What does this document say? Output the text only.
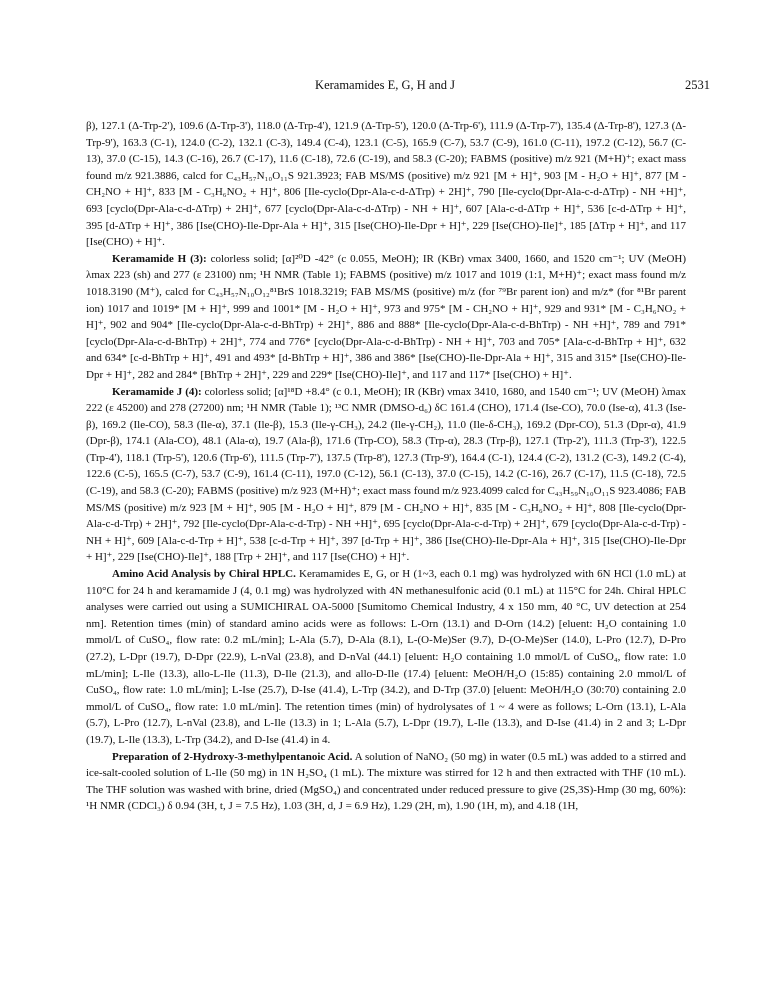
Keramamides E, G, H and J	2531

β), 127.1 (Δ-Trp-2'), 109.6 (Δ-Trp-3'), 118.0 (Δ-Trp-4'), 121.9 (Δ-Trp-5'), 120.0 (Δ-Trp-6'), 111.9 (Δ-Trp-7'), 135.4 (Δ-Trp-8'), 127.3 (Δ-Trp-9'), 163.3 (C-1), 124.0 (C-2), 132.1 (C-3), 149.4 (C-4), 123.1 (C-5), 165.9 (C-7), 53.7 (C-9), 161.0 (C-11), 197.2 (C-12), 56.7 (C-13), 37.0 (C-15), 14.3 (C-16), 26.7 (C-17), 11.6 (C-18), 72.6 (C-19), and 58.3 (C-20); FABMS (positive) m/z 921 (M+H)⁺; exact mass found m/z 921.3886, calcd for C₄₃H₅₇N₁₀O₁₁S 921.3923; FAB MS/MS (positive) m/z 921 [M + H]⁺, 903 [M - H₂O + H]⁺, 877 [M - CH₂NO + H]⁺, 833 [M - C₃H₆NO₂ + H]⁺, 806 [Ile-cyclo(Dpr-Ala-c-d-ΔTrp) + 2H]⁺, 790 [Ile-cyclo(Dpr-Ala-c-d-ΔTrp) - NH +H]⁺, 693 [cyclo(Dpr-Ala-c-d-ΔTrp) + 2H]⁺, 677 [cyclo(Dpr-Ala-c-d-ΔTrp) - NH + H]⁺, 607 [Ala-c-d-ΔTrp + H]⁺, 536 [c-d-ΔTrp + H]⁺, 395 [d-ΔTrp + H]⁺, 386 [Ise(CHO)-Ile-Dpr-Ala + H]⁺, 315 [Ise(CHO)-Ile-Dpr + H]⁺, 229 [Ise(CHO)-Ile]⁺, 185 [ΔTrp + H]⁺, and 117 [Ise(CHO) + H]⁺.

Keramamide H (3): colorless solid; [α]²⁰D -42° (c 0.055, MeOH); IR (KBr) νmax 3400, 1660, and 1520 cm⁻¹; UV (MeOH) λmax 223 (sh) and 277 (ε 23100) nm; ¹H NMR (Table 1); FABMS (positive) m/z 1017 and 1019 (1:1, M+H)⁺; exact mass found m/z 1018.3190 (M⁺), calcd for C₄₃H₅₇N₁₀O₁₂⁸¹BrS 1018.3219; FAB MS/MS (positive) m/z (for ⁷⁹Br parent ion) and m/z* (for ⁸¹Br parent ion) 1017 and 1019* [M + H]⁺, 999 and 1001* [M - H₂O + H]⁺, 973 and 975* [M - CH₂NO + H]⁺, 929 and 931* [M - C₃H₆NO₂ + H]⁺, 902 and 904* [Ile-cyclo(Dpr-Ala-c-d-BhTrp) + 2H]⁺, 886 and 888* [Ile-cyclo(Dpr-Ala-c-d-BhTrp) - NH +H]⁺, 789 and 791* [cyclo(Dpr-Ala-c-d-BhTrp) + 2H]⁺, 774 and 776* [cyclo(Dpr-Ala-c-d-BhTrp) - NH + H]⁺, 703 and 705* [Ala-c-d-BhTrp + H]⁺, 632 and 634* [c-d-BhTrp + H]⁺, 491 and 493* [d-BhTrp + H]⁺, 386 and 386* [Ise(CHO)-Ile-Dpr-Ala + H]⁺, 315 and 315* [Ise(CHO)-Ile-Dpr + H]⁺, 282 and 284* [BhTrp + 2H]⁺, 229 and 229* [Ise(CHO)-Ile]⁺, and 117 and 117* [Ise(CHO) + H]⁺.

Keramamide J (4): colorless solid; [α]¹⁸D +8.4° (c 0.1, MeOH); IR (KBr) νmax 3410, 1680, and 1540 cm⁻¹; UV (MeOH) λmax 222 (ε 45200) and 278 (27200) nm; ¹H NMR (Table 1); ¹³C NMR (DMSO-d₆) δC 161.4 (CHO), 171.4 (Ise-CO), 70.0 (Ise-α), 41.3 (Ise-β), 169.2 (Ile-CO), 58.3 (Ile-α), 37.1 (Ile-β), 15.3 (Ile-γ-CH₃), 24.2 (Ile-γ-CH₂), 11.0 (Ile-δ-CH₃), 169.2 (Dpr-CO), 51.3 (Dpr-α), 41.9 (Dpr-β), 174.1 (Ala-CO), 48.1 (Ala-α), 19.7 (Ala-β), 171.6 (Trp-CO), 58.3 (Trp-α), 28.3 (Trp-β), 127.1 (Trp-2'), 111.3 (Trp-3'), 122.5 (Trp-4'), 118.1 (Trp-5'), 120.6 (Trp-6'), 111.5 (Trp-7'), 137.5 (Trp-8'), 127.3 (Trp-9'), 164.4 (C-1), 124.4 (C-2), 131.2 (C-3), 149.2 (C-4), 122.6 (C-5), 165.5 (C-7), 53.7 (C-9), 161.4 (C-11), 197.0 (C-12), 56.1 (C-13), 37.0 (C-15), 14.2 (C-16), 26.7 (C-17), 11.5 (C-18), 72.5 (C-19), and 58.3 (C-20); FABMS (positive) m/z 923 (M+H)⁺; exact mass found m/z 923.4099 calcd for C₄₃H₅₉N₁₀O₁₁S 923.4086; FAB MS/MS (positive) m/z 923 [M + H]⁺, 905 [M - H₂O + H]⁺, 879 [M - CH₂NO + H]⁺, 835 [M - C₃H₆NO₂ + H]⁺, 808 [Ile-cyclo(Dpr-Ala-c-d-Trp) + 2H]⁺, 792 [Ile-cyclo(Dpr-Ala-c-d-Trp) - NH +H]⁺, 695 [cyclo(Dpr-Ala-c-d-Trp) + 2H]⁺, 679 [cyclo(Dpr-Ala-c-d-Trp) - NH + H]⁺, 609 [Ala-c-d-Trp + H]⁺, 538 [c-d-Trp + H]⁺, 397 [d-Trp + H]⁺, 386 [Ise(CHO)-Ile-Dpr-Ala + H]⁺, 315 [Ise(CHO)-Ile-Dpr + H]⁺, 229 [Ise(CHO)-Ile]⁺, 188 [Trp + 2H]⁺, and 117 [Ise(CHO) + H]⁺.

Amino Acid Analysis by Chiral HPLC. Keramamides E, G, or H (1~3, each 0.1 mg) was hydrolyzed with 6N HCl (1.0 mL) at 110°C for 24 h and keramamide J (4, 0.1 mg) was hydrolyzed with 4N methanesulfonic acid (0.1 mL) at 115°C for 24h. Chiral HPLC analyses were carried out using a SUMICHIRAL OA-5000 [Sumitomo Chemical Industry, 4 x 150 mm, 40 °C, UV detection at 254 nm]. Retention times (min) of standard amino acids were as follows: L-Orn (13.1) and D-Orn (14.2) [eluent: H₂O containing 1.0 mmol/L of CuSO₄, flow rate: 0.2 mL/min]; L-Ala (5.7), D-Ala (8.1), L-(O-Me)Ser (9.7), D-(O-Me)Ser (14.0), L-Pro (12.7), D-Pro (27.2), L-Dpr (19.7), D-Dpr (22.9), L-nVal (23.8), and D-nVal (44.1) [eluent: H₂O containing 1.0 mmol/L of CuSO₄, flow rate: 1.0 mL/min]; L-Ile (13.3), allo-L-Ile (11.3), D-Ile (21.3), and allo-D-Ile (17.4) [eluent: MeOH/H₂O (15:85) containing 2.0 mmol/L of CuSO₄, flow rate: 1.0 mL/min]; L-Ise (25.7), D-Ise (41.4), L-Trp (34.2), and D-Trp (37.0) [eluent: MeOH/H₂O (30:70) containing 2.0 mmol/L of CuSO₄, flow rate: 1.0 mL/min]. The retention times (min) of hydrolysates of 1 ~ 4 were as follows; L-Orn (13.1), L-Ala (5.7), L-Pro (12.7), L-nVal (23.8), and L-Ile (13.3) in 1; L-Ala (5.7), L-Dpr (19.7), L-Ile (13.3), and D-Ise (41.4) in 2 and 3; L-Dpr (19.7), L-Ile (13.3), L-Trp (34.2), and D-Ise (41.4) in 4.

Preparation of 2-Hydroxy-3-methylpentanoic Acid. A solution of NaNO₂ (50 mg) in water (0.5 mL) was added to a stirred and ice-salt-cooled solution of L-Ile (50 mg) in 1N H₂SO₄ (1 mL). The mixture was stirred for 12 h and then extracted with THF (10 mL). The THF solution was washed with brine, dried (MgSO₄) and concentrated under reduced pressure to give (2S,3S)-Hmp (30 mg, 60%): ¹H NMR (CDCl₃) δ 0.94 (3H, t, J = 7.5 Hz), 1.03 (3H, d, J = 6.9 Hz), 1.29 (2H, m), 1.90 (1H, m), and 4.18 (1H,
